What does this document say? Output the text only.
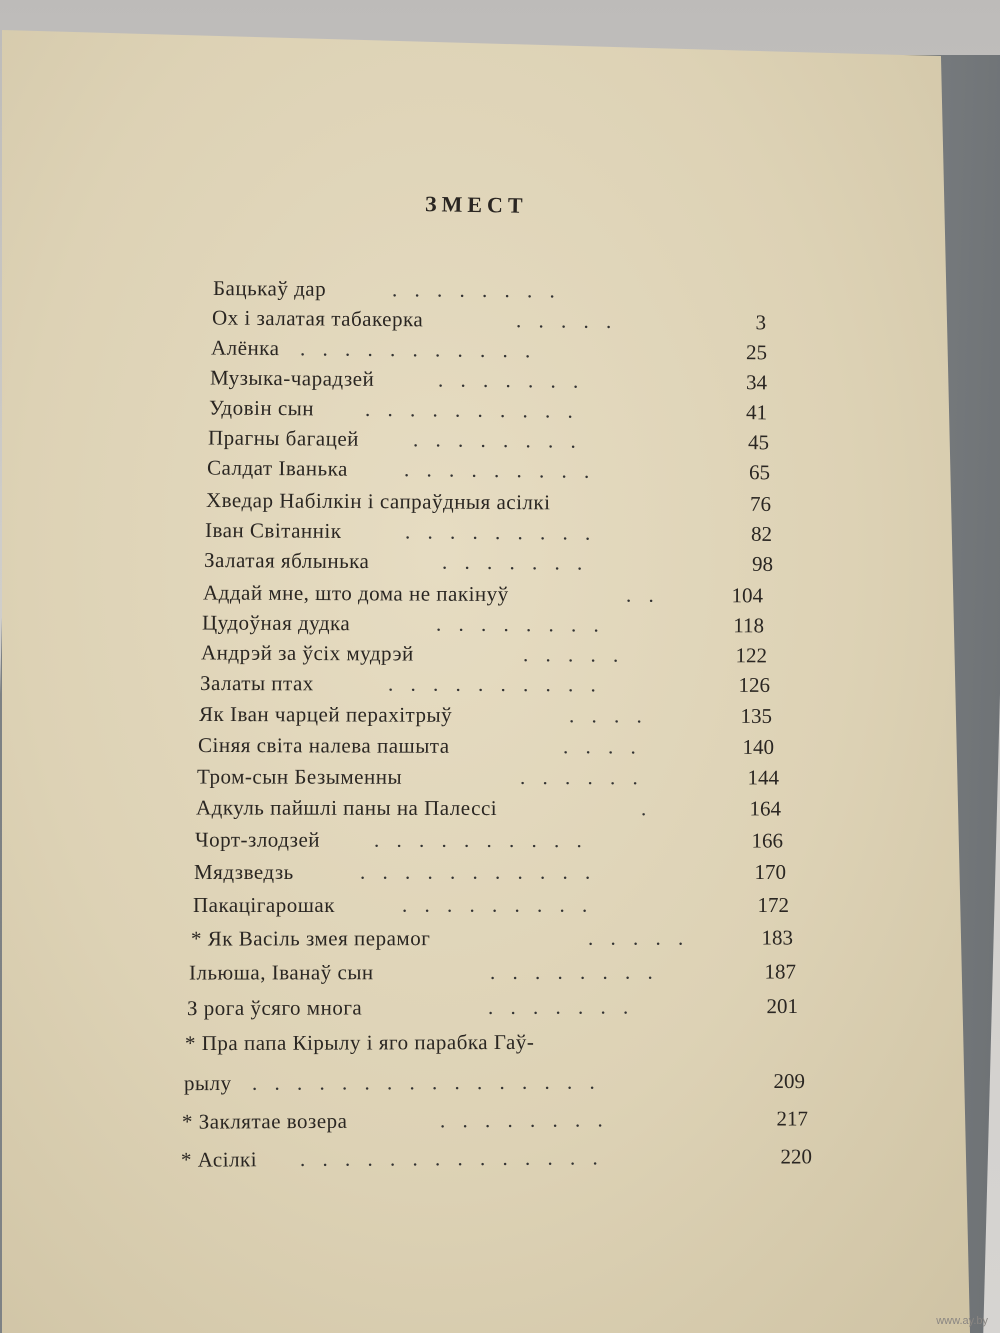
ЗМЕСТ
Бацькаў дар	. . . . . . . .
Ох і залатая табакерка	. . . . .	3
Алёнка . . . . . . . . . . .	25
Музыка-чарадзей	. . . . . . .	34
Удовін сын . . . . . . . . . .	41
Прагны багацей	. . . . . . . .	45
Салдат Іванька	. . . . . . . . .	65
Хведар Набілкін і сапраўдныя асілкі	76
Іван Світаннік	. . . . . . . . .	82
Залатая яблынька	. . . . . . .	98
Аддай мне, што дома не пакінуў	. .	104
Цудоўная дудка	. . . . . . . .	118
Андрэй за ўсіх мудрэй	. . . . .	122
Залаты птах	. . . . . . . . . .	126
Як Іван чарцей перахітрыў	. . . .	135
Сіняя світа налева пашыта	. . . .	140
Тром-сын Безыменны	. . . . . .	144
Адкуль пайшлі паны на Палессі	.	164
Чорт-злодзей	. . . . . . . . . .	166
Мядзведзь	. . . . . . . . . . .	170
Пакацігарошак	. . . . . . . . .	172
* Як Васіль змея перамог	. . . . .	183
Ільюша, Іванаў сын	. . . . . . . .	187
З рога ўсяго многа	. . . . . . .	201
* Пра папа Кірылу і яго парабка Гаў-
рылу . . . . . . . . . . . . . . . .	209
* Заклятае возера	. . . . . . . .	217
* Асілкі . . . . . . . . . . . . . .	220
www.ay.by
